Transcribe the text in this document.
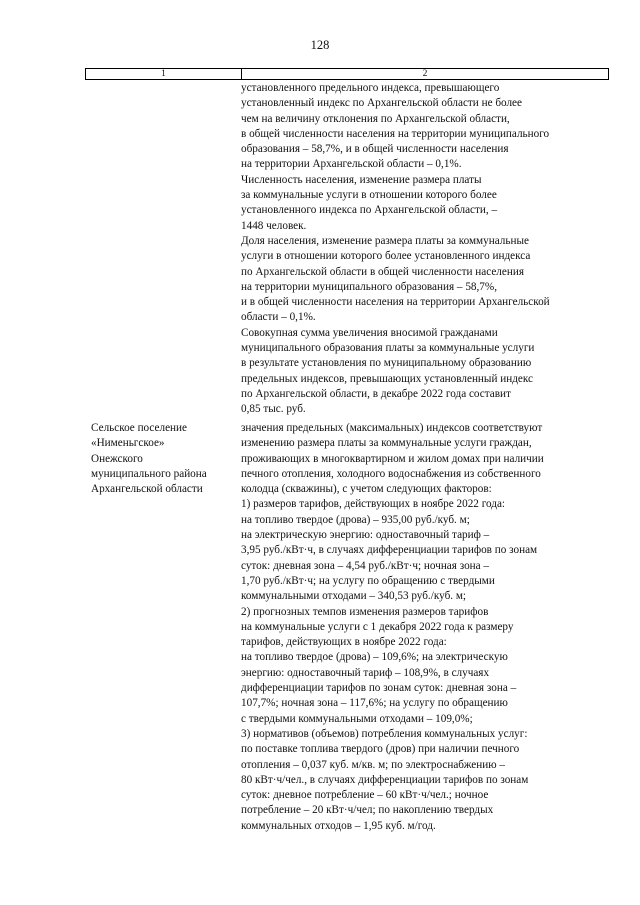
128
1	2
установленного предельного индекса, превышающего
установленный индекс по Архангельской области не более
чем на величину отклонения по Архангельской области,
в общей численности населения на территории муниципального
образования – 58,7%, и в общей численности населения
на территории Архангельской области – 0,1%.
Численность населения, изменение размера платы
за коммунальные услуги в отношении которого более
установленного индекса по Архангельской области, –
1448 человек.
Доля населения, изменение размера платы за коммунальные
услуги в отношении которого более установленного индекса
по Архангельской области в общей численности населения
на территории муниципального образования – 58,7%,
и в общей численности населения на территории Архангельской
области – 0,1%.
Совокупная сумма увеличения вносимой гражданами
муниципального образования платы за коммунальные услуги
в результате установления по муниципальному образованию
предельных индексов, превышающих установленный индекс
по Архангельской области, в декабре 2022 года составит
0,85 тыс. руб.
Сельское поселение
«Нименьгское»
Онежского
муниципального района
Архангельской области
значения предельных (максимальных) индексов соответствуют
изменению размера платы за коммунальные услуги граждан,
проживающих в многоквартирном и жилом домах при наличии
печного отопления, холодного водоснабжения из собственного
колодца (скважины), с учетом следующих факторов:
1) размеров тарифов, действующих в ноябре 2022 года:
на топливо твердое (дрова) – 935,00 руб./куб. м;
на электрическую энергию: одноставочный тариф –
3,95 руб./кВт·ч, в случаях дифференциации тарифов по зонам
суток: дневная зона – 4,54 руб./кВт·ч; ночная зона –
1,70 руб./кВт·ч; на услугу по обращению с твердыми
коммунальными отходами – 340,53 руб./куб. м;
2) прогнозных темпов изменения размеров тарифов
на коммунальные услуги с 1 декабря 2022 года к размеру
тарифов, действующих в ноябре 2022 года:
на топливо твердое (дрова) – 109,6%; на электрическую
энергию: одноставочный тариф – 108,9%, в случаях
дифференциации тарифов по зонам суток: дневная зона –
107,7%; ночная зона – 117,6%; на услугу по обращению
с твердыми коммунальными отходами – 109,0%;
3) нормативов (объемов) потребления коммунальных услуг:
по поставке топлива твердого (дров) при наличии печного
отопления – 0,037 куб. м/кв. м; по электроснабжению –
80 кВт·ч/чел., в случаях дифференциации тарифов по зонам
суток: дневное потребление – 60 кВт·ч/чел.; ночное
потребление – 20 кВт·ч/чел; по накоплению твердых
коммунальных отходов – 1,95 куб. м/год.
